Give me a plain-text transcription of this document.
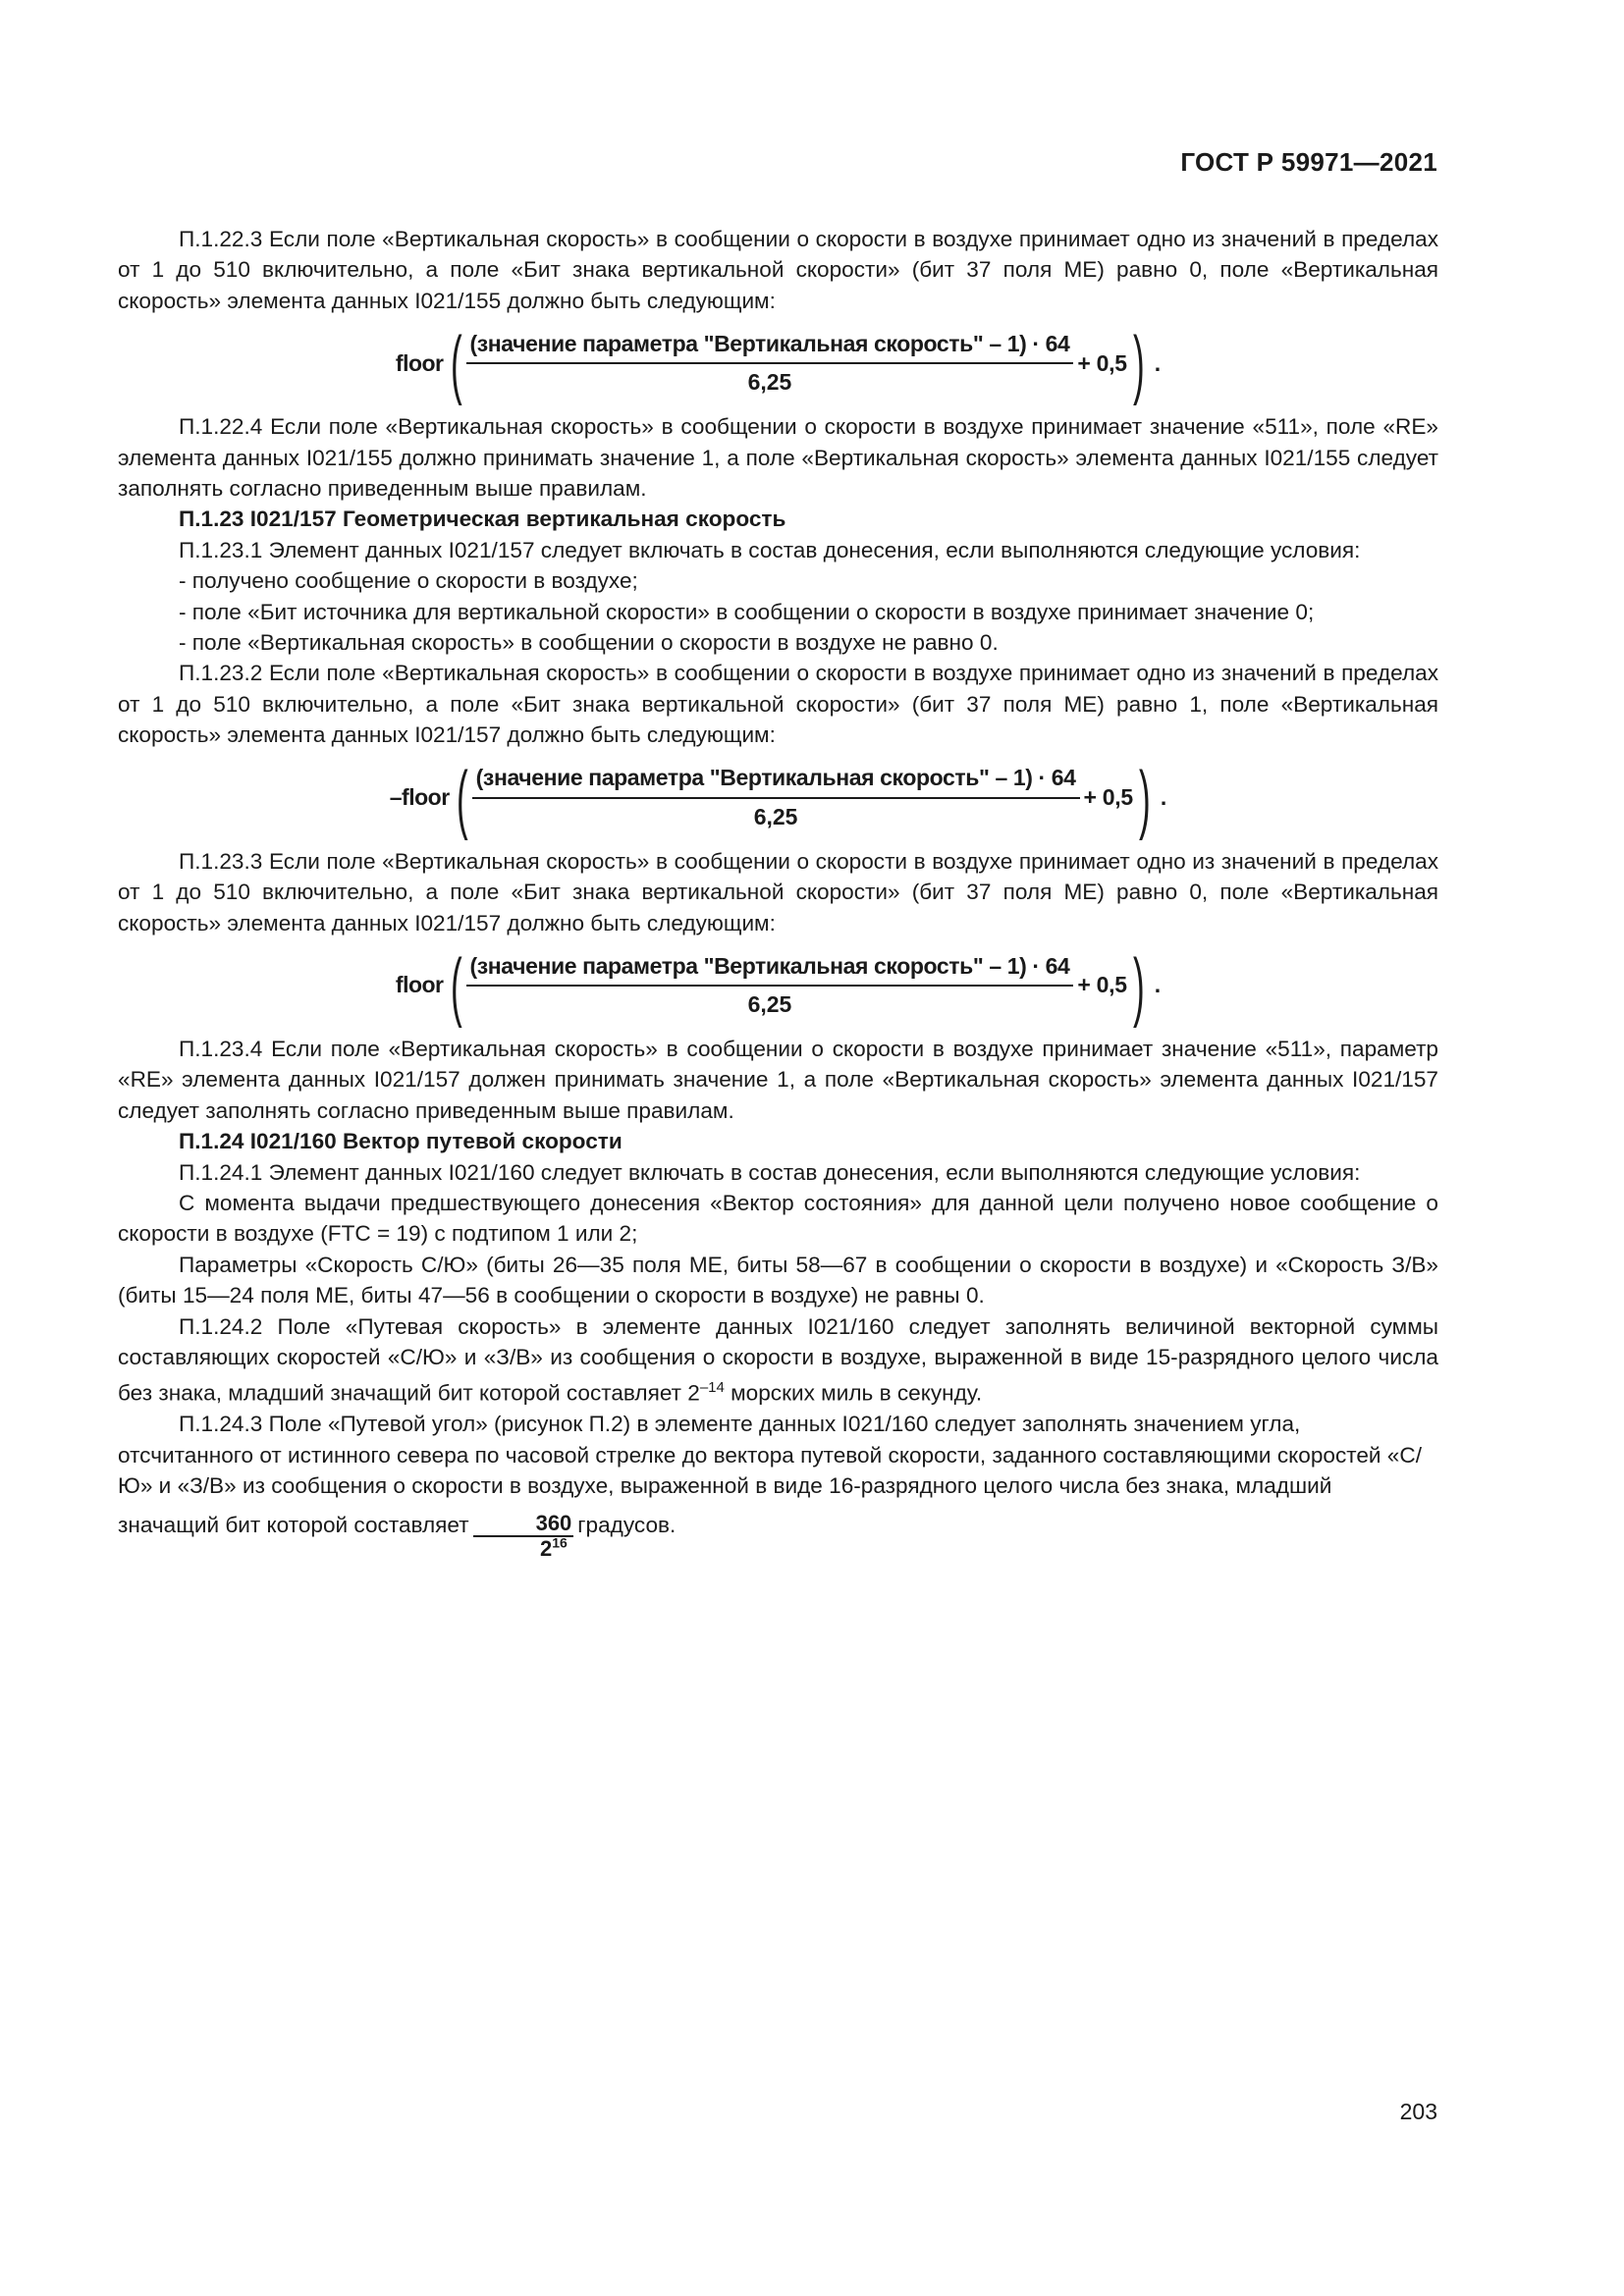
ГОСТ Р 59971—2021

П.1.22.3 Если поле «Вертикальная скорость» в сообщении о скорости в воздухе принимает одно из значений в пределах от 1 до 510 включительно, а поле «Бит знака вертикальной скорости» (бит 37 поля ME) равно 0, поле «Вертикальная скорость» элемента данных I021/155 должно быть следующим:

floor ( $\frac{\text{(значение параметра "Вертикальная скорость" – 1) · 64}}{6,25} + 0,5$ ) .

П.1.22.4 Если поле «Вертикальная скорость» в сообщении о скорости в воздухе принимает значение «511», поле «RE» элемента данных I021/155 должно принимать значение 1, а поле «Вертикальная скорость» элемента данных I021/155 следует заполнять согласно приведенным выше правилам.

П.1.23 I021/157 Геометрическая вертикальная скорость

П.1.23.1 Элемент данных I021/157 следует включать в состав донесения, если выполняются следующие условия:

- получено сообщение о скорости в воздухе;

- поле «Бит источника для вертикальной скорости» в сообщении о скорости в воздухе принимает значение 0;

- поле «Вертикальная скорость» в сообщении о скорости в воздухе не равно 0.

П.1.23.2 Если поле «Вертикальная скорость» в сообщении о скорости в воздухе принимает одно из значений в пределах от 1 до 510 включительно, а поле «Бит знака вертикальной скорости» (бит 37 поля ME) равно 1, поле «Вертикальная скорость» элемента данных I021/157 должно быть следующим:

–floor ( $\frac{\text{(значение параметра "Вертикальная скорость" – 1) · 64}}{6,25} + 0,5$ ) .

П.1.23.3 Если поле «Вертикальная скорость» в сообщении о скорости в воздухе принимает одно из значений в пределах от 1 до 510 включительно, а поле «Бит знака вертикальной скорости» (бит 37 поля ME) равно 0, поле «Вертикальная скорость» элемента данных I021/157 должно быть следующим:

floor ( $\frac{\text{(значение параметра "Вертикальная скорость" – 1) · 64}}{6,25} + 0,5$ ) .

П.1.23.4 Если поле «Вертикальная скорость» в сообщении о скорости в воздухе принимает значение «511», параметр «RE» элемента данных I021/157 должен принимать значение 1, а поле «Вертикальная скорость» элемента данных I021/157 следует заполнять согласно приведенным выше правилам.

П.1.24 I021/160 Вектор путевой скорости

П.1.24.1 Элемент данных I021/160 следует включать в состав донесения, если выполняются следующие условия:

С момента выдачи предшествующего донесения «Вектор состояния» для данной цели получено новое сообщение о скорости в воздухе (FTC = 19) с подтипом 1 или 2;

Параметры «Скорость С/Ю» (биты 26—35 поля ME, биты 58—67 в сообщении о скорости в воздухе) и «Скорость З/В» (биты 15—24 поля ME, биты 47—56 в сообщении о скорости в воздухе) не равны 0.

П.1.24.2 Поле «Путевая скорость» в элементе данных I021/160 следует заполнять величиной векторной суммы составляющих скоростей «С/Ю» и «З/В» из сообщения о скорости в воздухе, выраженной в виде 15-разрядного целого числа без знака, младший значащий бит которой составляет $2^{-14}$ морских миль в секунду.

П.1.24.3 Поле «Путевой угол» (рисунок П.2) в элементе данных I021/160 следует заполнять значением угла, отсчитанного от истинного севера по часовой стрелке до вектора путевой скорости, заданного составляющими скоростей «С/Ю» и «З/В» из сообщения о скорости в воздухе, выраженной в виде 16-разрядного целого числа без знака, младший значащий бит которой составляет $\frac{360}{2^{16}}$ градусов.

203
